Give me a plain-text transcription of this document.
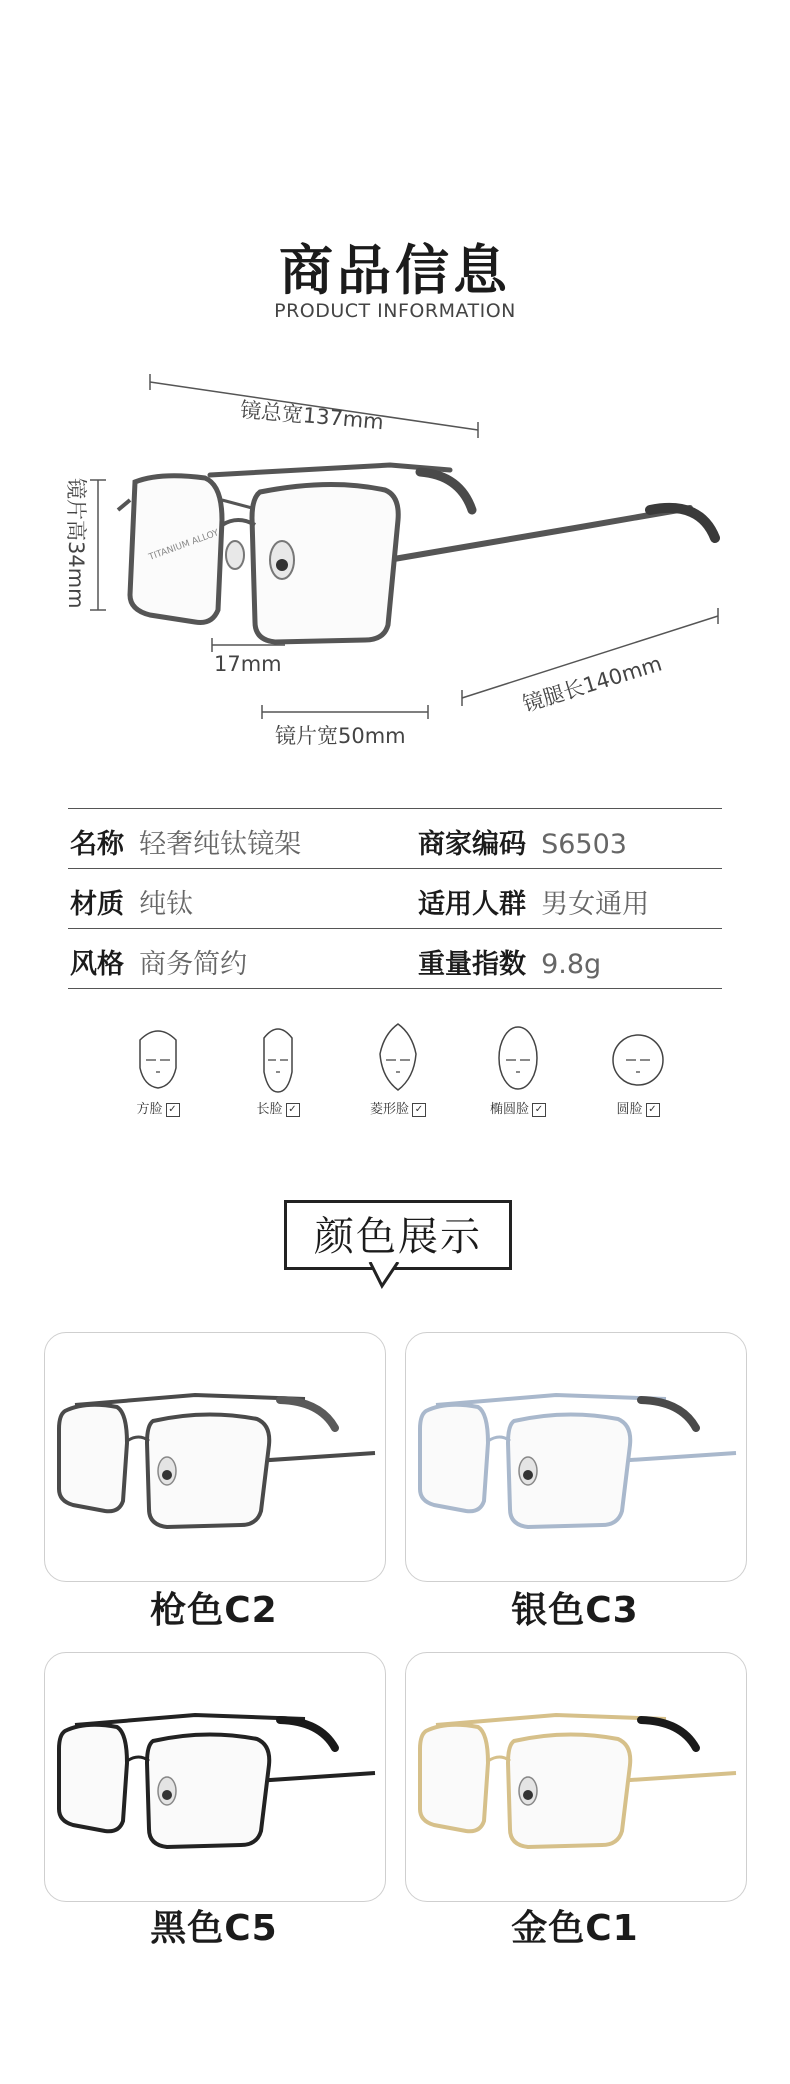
商品信息
PRODUCT INFORMATION
TITANIUM ALLOY
镜总宽137mm
镜片高34mm
17mm	镜腿长140mm
镜片宽50mm
名称 轻奢纯钛镜架	商家编码 S6503
材质 纯钛	适用人群 男女通用
风格 商务简约	重量指数 9.8g
方脸 ✓	长脸 ✓	菱形脸 ✓	椭圆脸 ✓	圆脸 ✓
颜色展示
枪色C2	银色C3
黑色C5	金色C1
